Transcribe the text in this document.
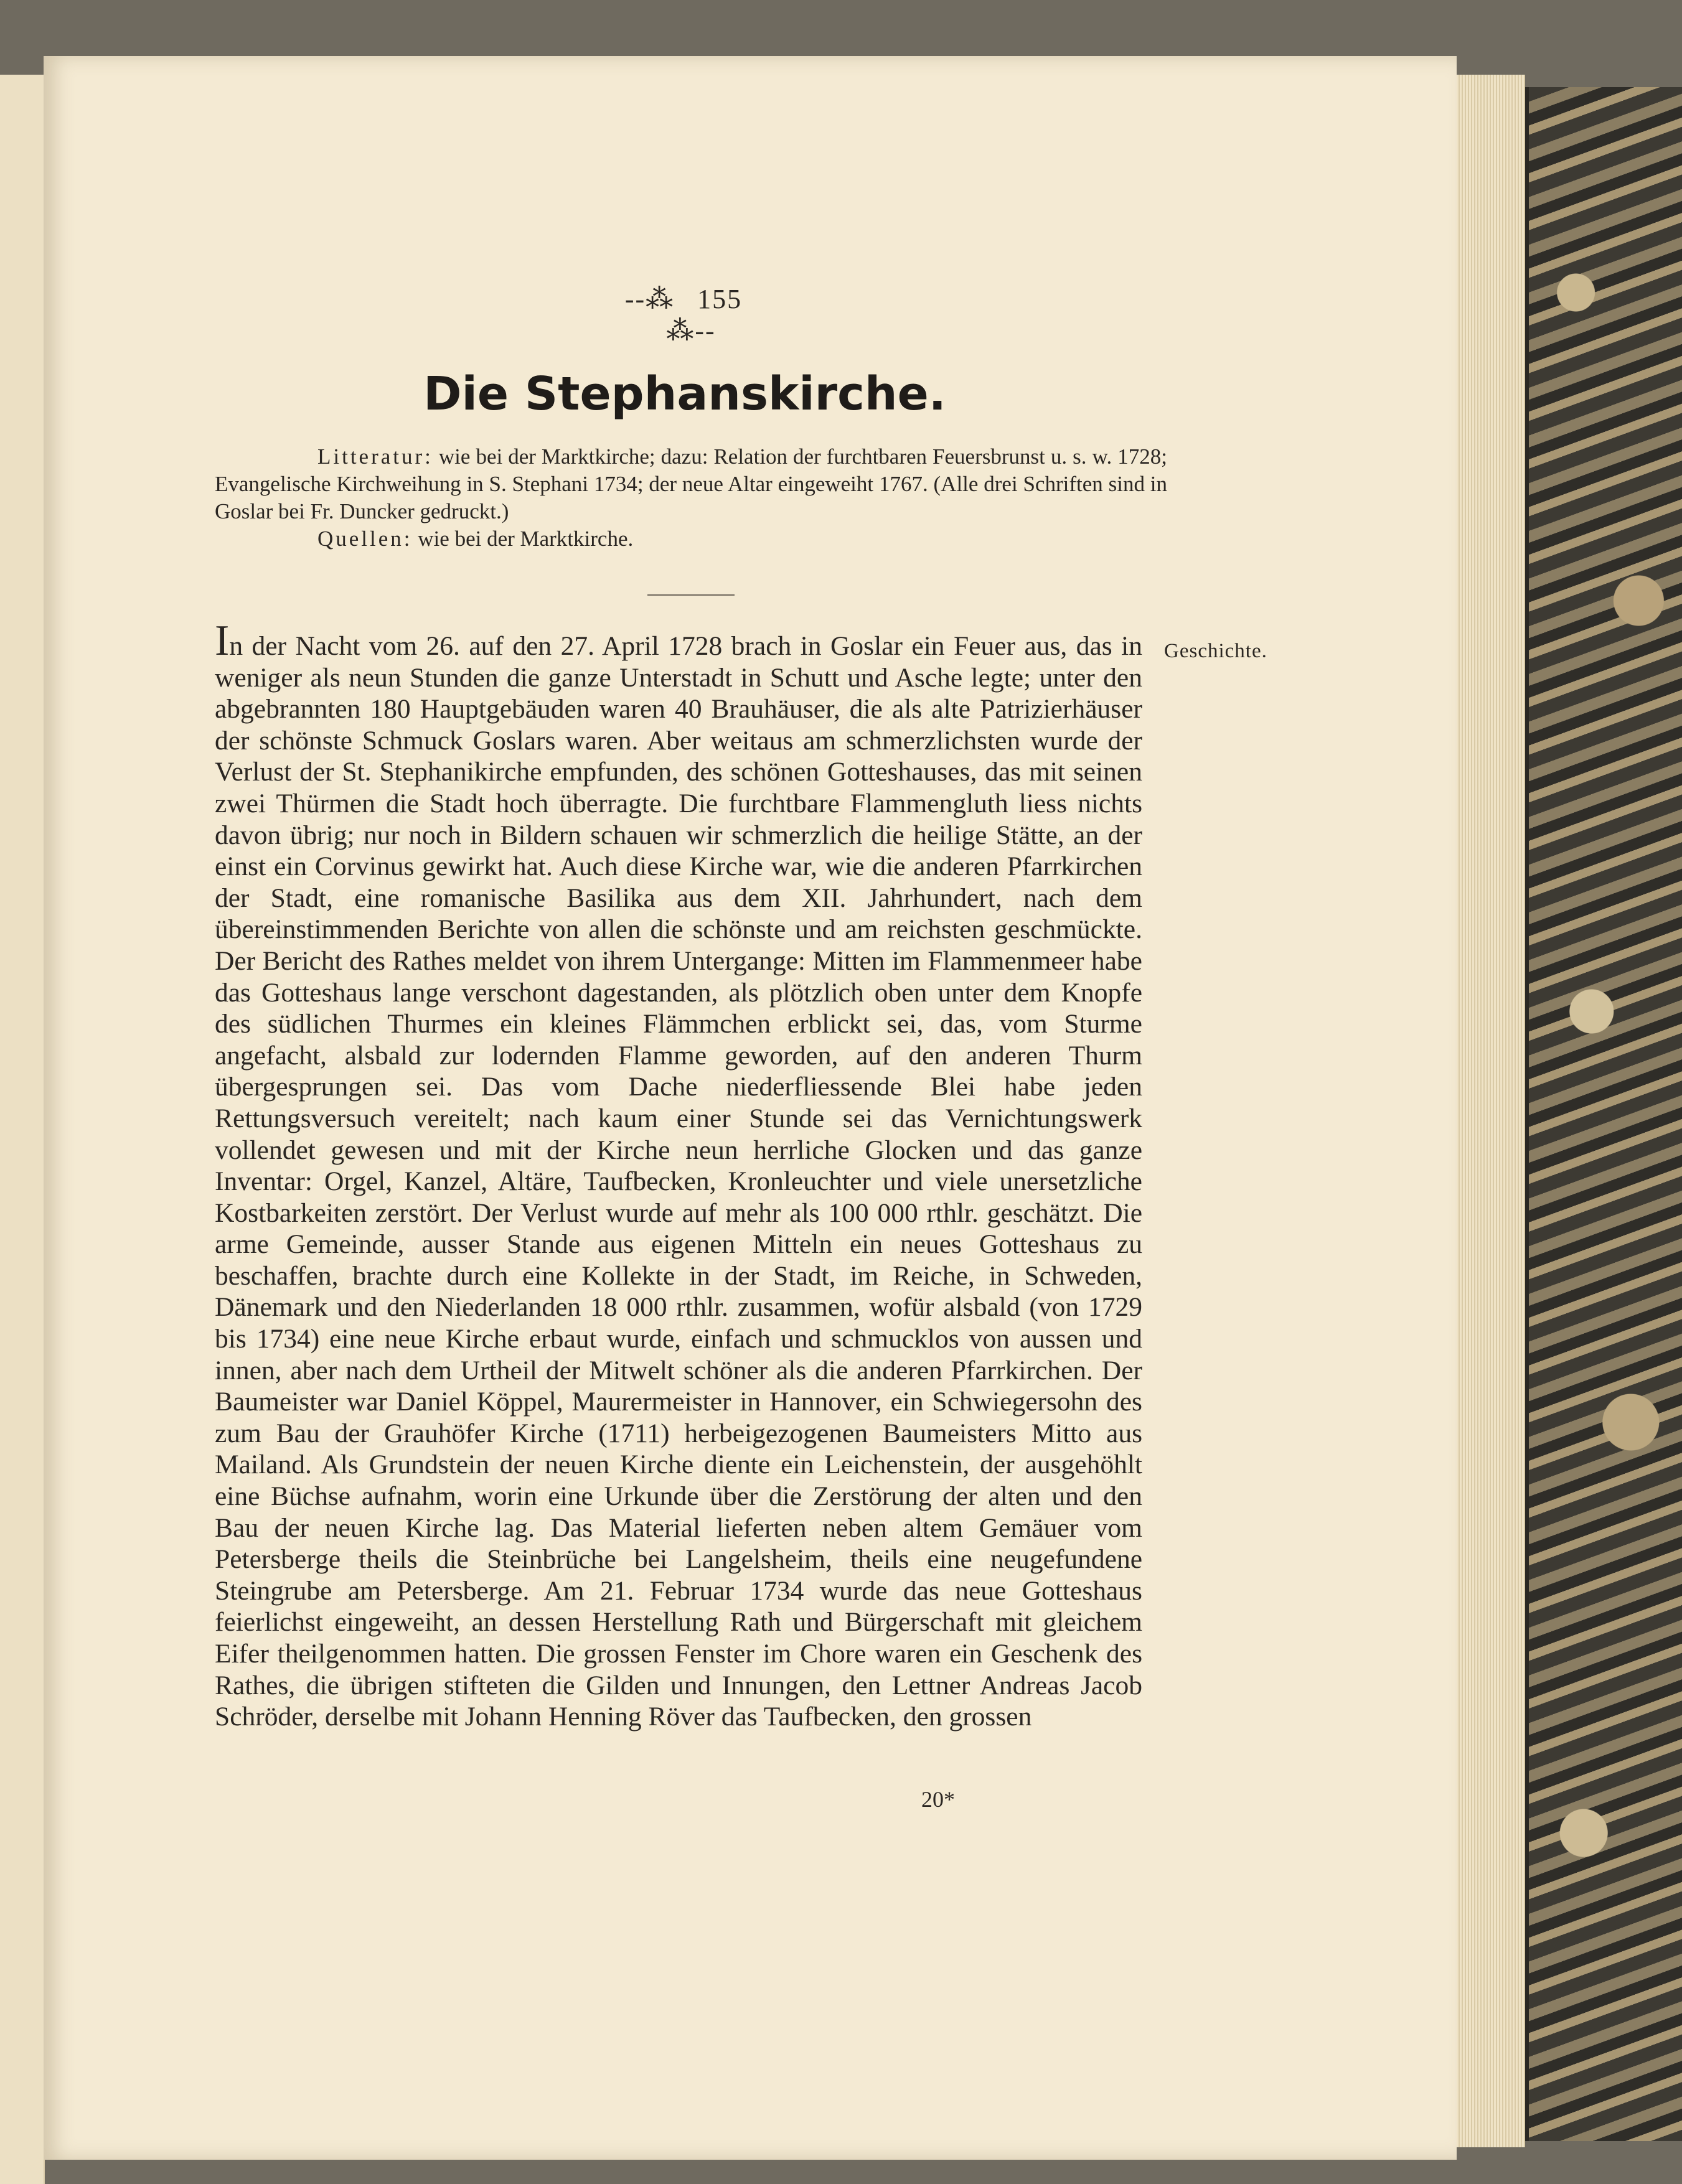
-‑⁂ 155 ⁂‑-
Die Stephanskirche.

Litteratur: wie bei der Marktkirche; dazu: Relation der furchtbaren Feuersbrunst u. s. w. 1728; Evangelische Kirchweihung in S. Stephani 1734; der neue Altar eingeweiht 1767. (Alle drei Schriften sind in Goslar bei Fr. Duncker gedruckt.)

Quellen: wie bei der Marktkirche.

Geschichte.

In der Nacht vom 26. auf den 27. April 1728 brach in Goslar ein Feuer aus, das in weniger als neun Stunden die ganze Unterstadt in Schutt und Asche legte; unter den abgebrannten 180 Hauptgebäuden waren 40 Brauhäuser, die als alte Patrizierhäuser der schönste Schmuck Goslars waren. Aber weitaus am schmerzlichsten wurde der Verlust der St. Stephanikirche empfunden, des schönen Gotteshauses, das mit seinen zwei Thürmen die Stadt hoch überragte. Die furchtbare Flammengluth liess nichts davon übrig; nur noch in Bildern schauen wir schmerzlich die heilige Stätte, an der einst ein Corvinus gewirkt hat. Auch diese Kirche war, wie die anderen Pfarrkirchen der Stadt, eine romanische Basilika aus dem XII. Jahrhundert, nach dem übereinstimmenden Berichte von allen die schönste und am reichsten geschmückte. Der Bericht des Rathes meldet von ihrem Untergange: Mitten im Flammenmeer habe das Gotteshaus lange verschont dagestanden, als plötzlich oben unter dem Knopfe des südlichen Thurmes ein kleines Flämmchen erblickt sei, das, vom Sturme angefacht, alsbald zur lodernden Flamme geworden, auf den anderen Thurm übergesprungen sei. Das vom Dache niederfliessende Blei habe jeden Rettungsversuch vereitelt; nach kaum einer Stunde sei das Vernichtungswerk vollendet gewesen und mit der Kirche neun herrliche Glocken und das ganze Inventar: Orgel, Kanzel, Altäre, Taufbecken, Kronleuchter und viele unersetzliche Kostbarkeiten zerstört. Der Verlust wurde auf mehr als 100 000 rthlr. geschätzt. Die arme Gemeinde, ausser Stande aus eigenen Mitteln ein neues Gotteshaus zu beschaffen, brachte durch eine Kollekte in der Stadt, im Reiche, in Schweden, Dänemark und den Niederlanden 18 000 rthlr. zusammen, wofür alsbald (von 1729 bis 1734) eine neue Kirche erbaut wurde, einfach und schmucklos von aussen und innen, aber nach dem Urtheil der Mitwelt schöner als die anderen Pfarrkirchen. Der Baumeister war Daniel Köppel, Maurermeister in Hannover, ein Schwiegersohn des zum Bau der Grauhöfer Kirche (1711) herbeigezogenen Baumeisters Mitto aus Mailand. Als Grundstein der neuen Kirche diente ein Leichenstein, der ausgehöhlt eine Büchse aufnahm, worin eine Urkunde über die Zerstörung der alten und den Bau der neuen Kirche lag. Das Material lieferten neben altem Gemäuer vom Petersberge theils die Steinbrüche bei Langelsheim, theils eine neugefundene Steingrube am Petersberge. Am 21. Februar 1734 wurde das neue Gotteshaus feierlichst eingeweiht, an dessen Herstellung Rath und Bürgerschaft mit gleichem Eifer theilgenommen hatten. Die grossen Fenster im Chore waren ein Geschenk des Rathes, die übrigen stifteten die Gilden und Innungen, den Lettner Andreas Jacob Schröder, derselbe mit Johann Henning Röver das Taufbecken, den grossen

20*
